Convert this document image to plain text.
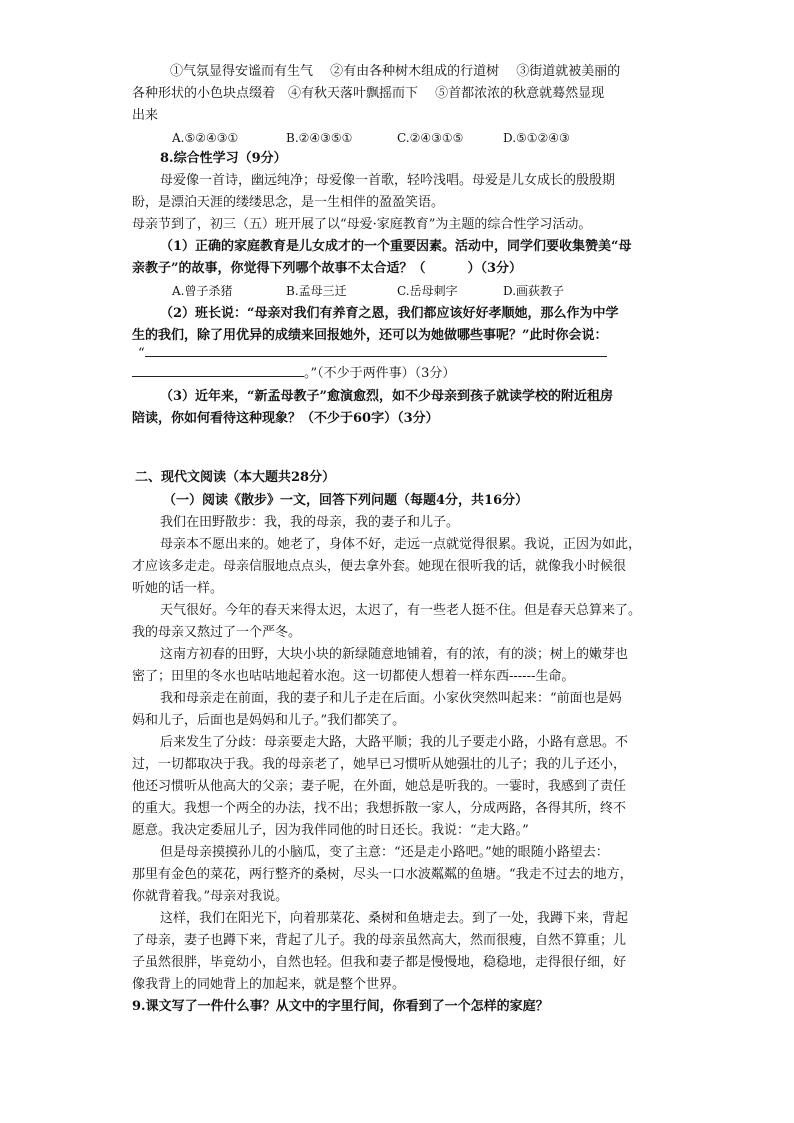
①气氛显得安谧而有生气　 ②有由各种树木组成的行道树　 ③街道就被美丽的
各种形状的小色块点缀着　④有秋天落叶飘摇而下　 ⑤首都浓浓的秋意就蓦然显现
出来
A.⑤②④③①	B.②④③⑤①	C.②④③①⑤	D.⑤①②④③
8.综合性学习（9分）
母爱像一首诗，幽远纯净；母爱像一首歌，轻吟浅唱。母爱是儿女成长的殷殷期
盼，是漂泊天涯的缕缕思念，是一生相伴的盈盈笑语。
母亲节到了，初三（五）班开展了以“母爱·家庭教育”为主题的综合性学习活动。
（1）正确的家庭教育是儿女成才的一个重要因素。活动中，同学们要收集赞美“母
亲教子”的故事，你觉得下列哪个故事不太合适？（	）（3分）
A.曾子杀猪	B.孟母三迁	C.岳母刺字	D.画荻教子
（2）班长说：“母亲对我们有养育之恩，我们都应该好好孝顺她，那么作为中学
生的我们，除了用优异的成绩来回报她外，还可以为她做哪些事呢？”此时你会说：
“
。”（不少于两件事）（3分）
（3）近年来，“新孟母教子”愈演愈烈，如不少母亲到孩子就读学校的附近租房
陪读，你如何看待这种现象？（不少于60字）（3分）
二、现代文阅读（本大题共28分）
（一）阅读《散步》一文，回答下列问题（每题4分，共16分）
我们在田野散步：我，我的母亲，我的妻子和儿子。
母亲本不愿出来的。她老了，身体不好，走远一点就觉得很累。我说，正因为如此，
才应该多走走。母亲信服地点点头，便去拿外套。她现在很听我的话，就像我小时候很
听她的话一样。
天气很好。今年的春天来得太迟，太迟了，有一些老人挺不住。但是春天总算来了。
我的母亲又熬过了一个严冬。
这南方初春的田野，大块小块的新绿随意地铺着，有的浓，有的淡；树上的嫩芽也
密了；田里的冬水也咕咕地起着水泡。这一切都使人想着一样东西------生命。
我和母亲走在前面，我的妻子和儿子走在后面。小家伙突然叫起来：“前面也是妈
妈和儿子，后面也是妈妈和儿子。”我们都笑了。
后来发生了分歧：母亲要走大路，大路平顺；我的儿子要走小路，小路有意思。不
过，一切都取决于我。我的母亲老了，她早已习惯听从她强壮的儿子；我的儿子还小，
他还习惯听从他高大的父亲；妻子呢，在外面，她总是听我的。一霎时，我感到了责任
的重大。我想一个两全的办法，找不出；我想拆散一家人，分成两路，各得其所，终不
愿意。我决定委屈儿子，因为我伴同他的时日还长。我说：“走大路。”
但是母亲摸摸孙儿的小脑瓜，变了主意：“还是走小路吧。”她的眼随小路望去：
那里有金色的菜花，两行整齐的桑树，尽头一口水波粼粼的鱼塘。“我走不过去的地方，
你就背着我。”母亲对我说。
这样，我们在阳光下，向着那菜花、桑树和鱼塘走去。到了一处，我蹲下来，背起
了母亲，妻子也蹲下来，背起了儿子。我的母亲虽然高大，然而很瘦，自然不算重；儿
子虽然很胖，毕竟幼小，自然也轻。但我和妻子都是慢慢地，稳稳地，走得很仔细，好
像我背上的同她背上的加起来，就是整个世界。
9.课文写了一件什么事？从文中的字里行间，你看到了一个怎样的家庭？
